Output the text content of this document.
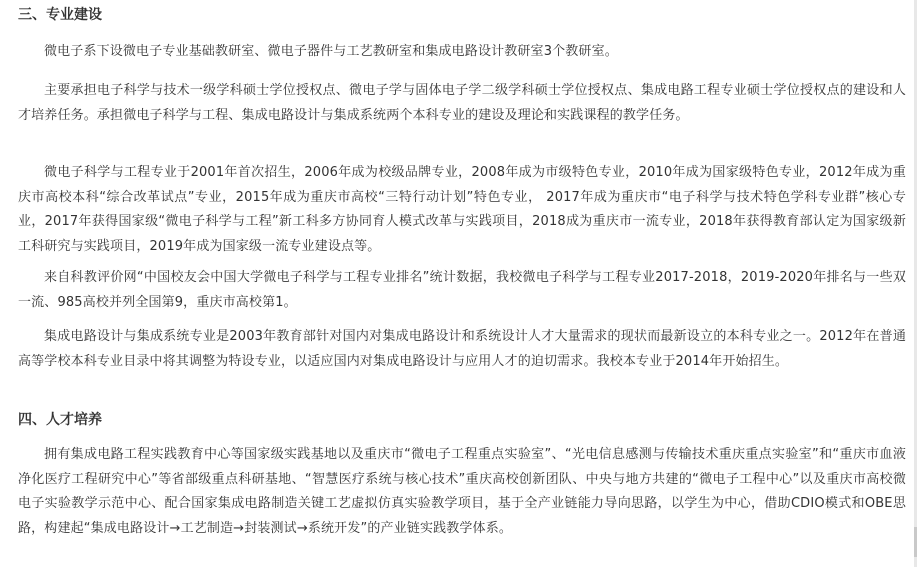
三、专业建设
微电子系下设微电子专业基础教研室、微电子器件与工艺教研室和集成电路设计教研室3个教研室。
主要承担电子科学与技术一级学科硕士学位授权点、微电子学与固体电子学二级学科硕士学位授权点、集成电路工程专业硕士学位授权点的建设和人才培养任务。承担微电子科学与工程、集成电路设计与集成系统两个本科专业的建设及理论和实践课程的教学任务。
微电子科学与工程专业于2001年首次招生，2006年成为校级品牌专业，2008年成为市级特色专业，2010年成为国家级特色专业，2012年成为重庆市高校本科“综合改革试点”专业，2015年成为重庆市高校“三特行动计划”特色专业， 2017年成为重庆市“电子科学与技术特色学科专业群”核心专业，2017年获得国家级“微电子科学与工程”新工科多方协同育人模式改革与实践项目，2018成为重庆市一流专业，2018年获得教育部认定为国家级新工科研究与实践项目，2019年成为国家级一流专业建设点等。
来自科教评价网“中国校友会中国大学微电子科学与工程专业排名”统计数据，我校微电子科学与工程专业2017-2018，2019-2020年排名与一些双一流、985高校并列全国第9，重庆市高校第1。
集成电路设计与集成系统专业是2003年教育部针对国内对集成电路设计和系统设计人才大量需求的现状而最新设立的本科专业之一。2012年在普通高等学校本科专业目录中将其调整为特设专业，以适应国内对集成电路设计与应用人才的迫切需求。我校本专业于2014年开始招生。
四、人才培养
拥有集成电路工程实践教育中心等国家级实践基地以及重庆市“微电子工程重点实验室”、“光电信息感测与传输技术重庆重点实验室”和“重庆市血液净化医疗工程研究中心”等省部级重点科研基地、“智慧医疗系统与核心技术”重庆高校创新团队、中央与地方共建的“微电子工程中心”以及重庆市高校微电子实验教学示范中心、配合国家集成电路制造关键工艺虚拟仿真实验教学项目，基于全产业链能力导向思路，以学生为中心，借助CDIO模式和OBE思路，构建起“集成电路设计→工艺制造→封装测试→系统开发”的产业链实践教学体系。
